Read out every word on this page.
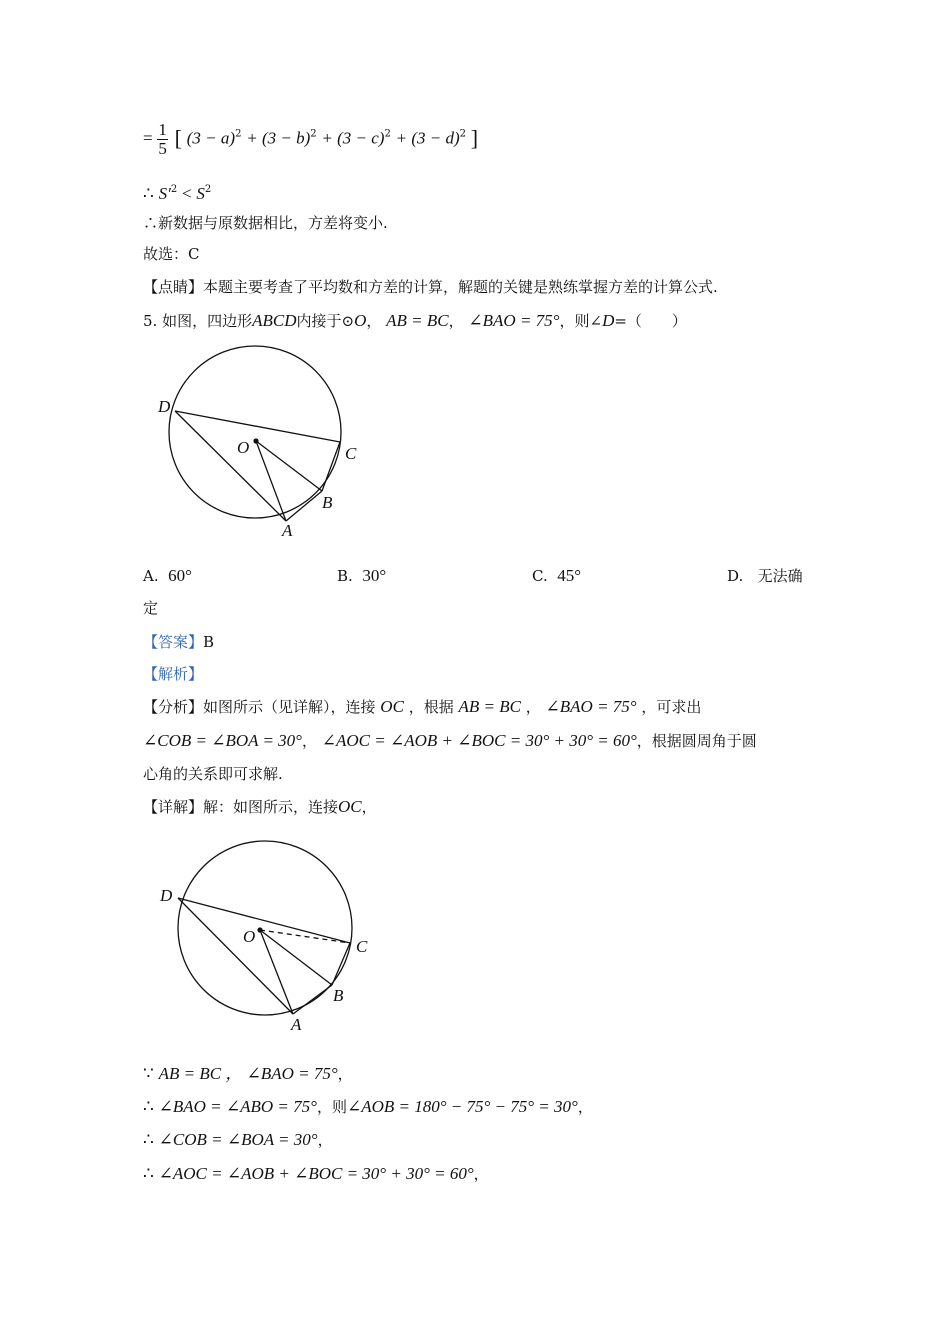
= $\frac{1}{5}$ [ $(3 - a)^2 + (3 - b)^2 + (3 - c)^2 + (3 - d)^2$ ]
∴ $S'^2 < S^2$
∴新数据与原数据相比，方差将变小.
故选：C
【点睛】本题主要考查了平均数和方差的计算，解题的关键是熟练掌握方差的计算公式.
5. 如图，四边形ABCD内接于⊙O， AB = BC， ∠BAO = 75°，则∠D=（　　）
D
O	C
B
A
A. 60°	B. 30°	C. 45°	D. 无法确
定
【答案】B
【解析】
【分析】如图所示（见详解），连接 OC ，根据 AB = BC ， ∠BAO = 75° ，可求出
∠COB = ∠BOA = 30°， ∠AOC = ∠AOB + ∠BOC = 30° + 30° = 60°，根据圆周角于圆
心角的关系即可求解.
【详解】解：如图所示，连接OC，
D
O
C
B
A
∵ AB = BC ， ∠BAO = 75°，
∴ ∠BAO = ∠ABO = 75°，则∠AOB = 180° − 75° − 75° = 30°，
∴ ∠COB = ∠BOA = 30°，
∴ ∠AOC = ∠AOB + ∠BOC = 30° + 30° = 60°，
